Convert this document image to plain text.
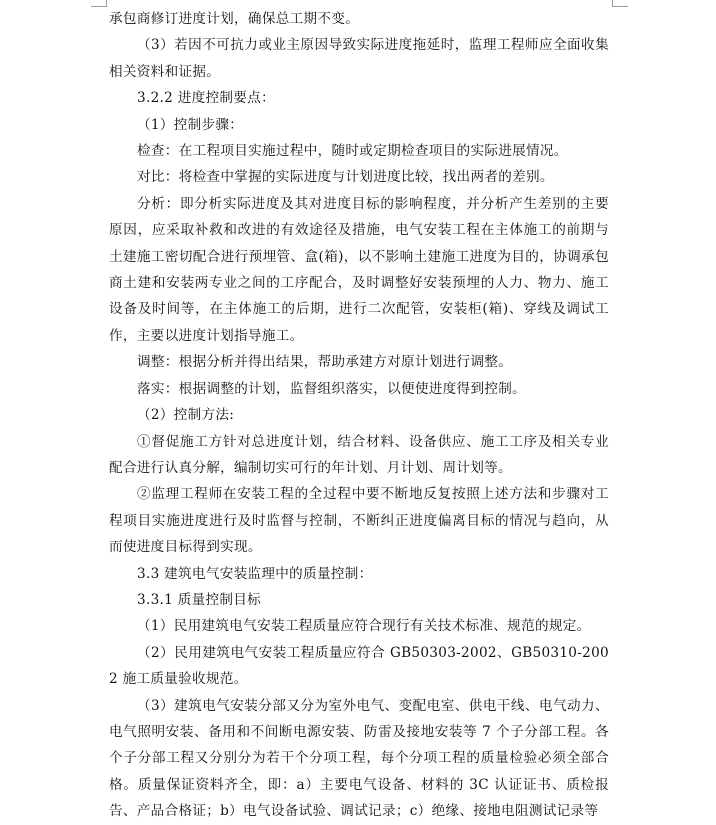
承包商修订进度计划，确保总工期不变。

（3）若因不可抗力或业主原因导致实际进度拖延时，监理工程师应全面收集相关资料和证据。

3.2.2 进度控制要点：

（1）控制步骤：

检查：在工程项目实施过程中，随时或定期检查项目的实际进展情况。

对比：将检查中掌握的实际进度与计划进度比较，找出两者的差别。

分析：即分析实际进度及其对进度目标的影响程度，并分析产生差别的主要原因，应采取补救和改进的有效途径及措施，电气安装工程在主体施工的前期与土建施工密切配合进行预埋管、盒(箱)，以不影响土建施工进度为目的，协调承包商土建和安装两专业之间的工序配合，及时调整好安装预埋的人力、物力、施工设备及时间等，在主体施工的后期，进行二次配管，安装柜(箱)、穿线及调试工作，主要以进度计划指导施工。

调整：根据分析并得出结果，帮助承建方对原计划进行调整。

落实：根据调整的计划，监督组织落实，以便使进度得到控制。

（2）控制方法:

①督促施工方针对总进度计划，结合材料、设备供应、施工工序及相关专业配合进行认真分解，编制切实可行的年计划、月计划、周计划等。

②监理工程师在安装工程的全过程中要不断地反复按照上述方法和步骤对工程项目实施进度进行及时监督与控制，不断纠正进度偏离目标的情况与趋向，从而使进度目标得到实现。

3.3 建筑电气安装监理中的质量控制：

3.3.1 质量控制目标

（1）民用建筑电气安装工程质量应符合现行有关技术标准、规范的规定。

（2）民用建筑电气安装工程质量应符合 GB50303-2002、GB50310-2002 施工质量验收规范。

（3）建筑电气安装分部又分为室外电气、变配电室、供电干线、电气动力、电气照明安装、备用和不间断电源安装、防雷及接地安装等 7 个子分部工程。各个子分部工程又分别分为若干个分项工程，每个分项工程的质量检验必须全部合格。质量保证资料齐全，即：a）主要电气设备、材料的 3C 认证证书、质检报告、产品合格证；b）电气设备试验、调试记录；c）绝缘、接地电阻测试记录等
